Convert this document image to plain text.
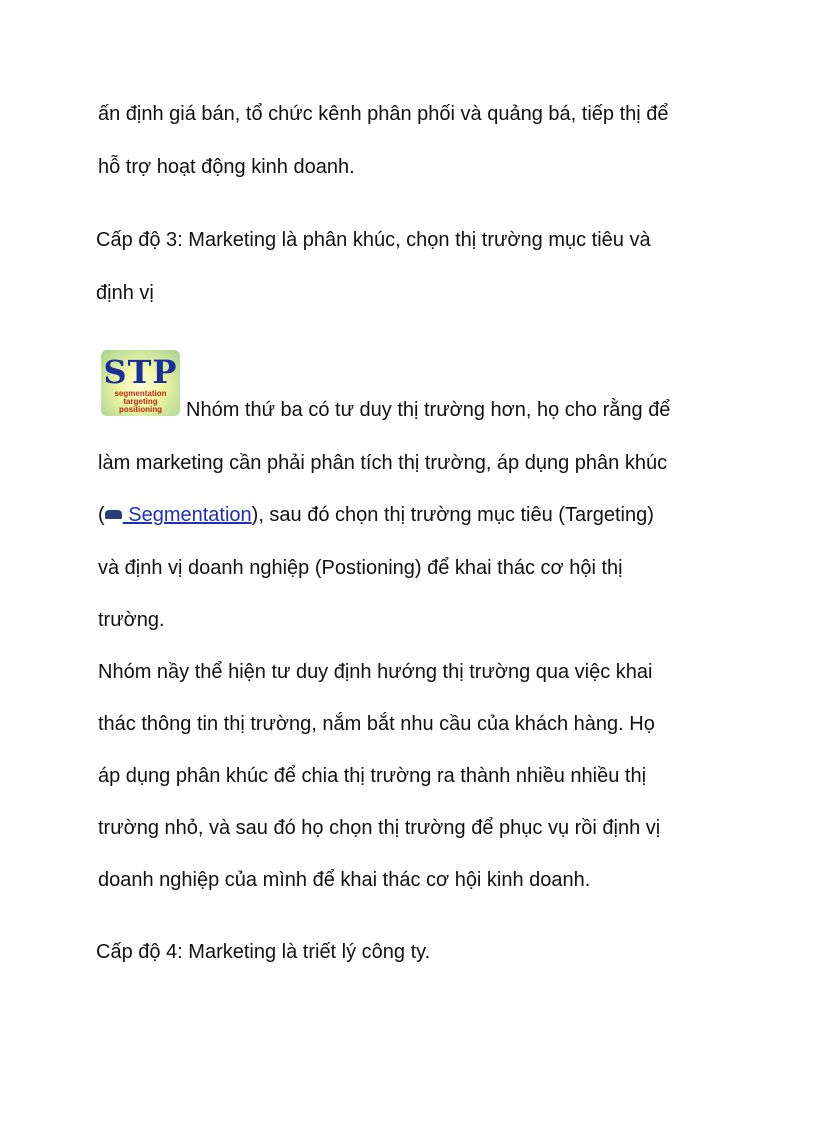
ấn định giá bán, tổ chức kênh phân phối và quảng bá, tiếp thị để
hỗ trợ hoạt động kinh doanh.
Cấp độ 3: Marketing là phân khúc, chọn thị trường mục tiêu và
định vị
STP
segmentation
targeting
positioning	Nhóm thứ ba có tư duy thị trường hơn, họ cho rằng để
làm marketing cần phải phân tích thị trường, áp dụng phân khúc
( Segmentation), sau đó chọn thị trường mục tiêu (Targeting)
và định vị doanh nghiệp (Postioning) để khai thác cơ hội thị
trường.
Nhóm nầy thể hiện tư duy định hướng thị trường qua việc khai
thác thông tin thị trường, nắm bắt nhu cầu của khách hàng. Họ
áp dụng phân khúc để chia thị trường ra thành nhiều nhiều thị
trường nhỏ, và sau đó họ chọn thị trường để phục vụ rồi định vị
doanh nghiệp của mình để khai thác cơ hội kinh doanh.
Cấp độ 4: Marketing là triết lý công ty.
